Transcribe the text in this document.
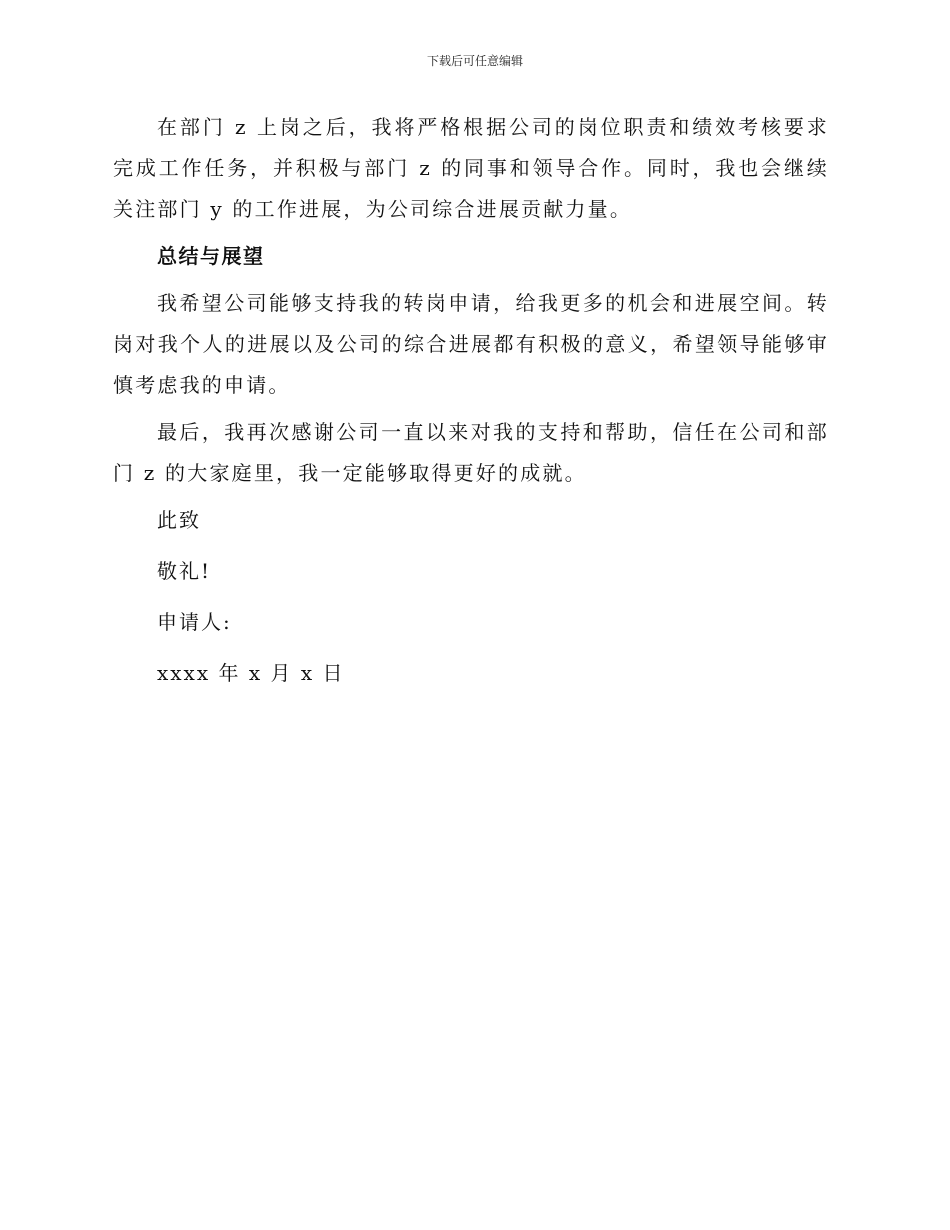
下载后可任意编辑

在部门 z 上岗之后，我将严格根据公司的岗位职责和绩效考核要求完成工作任务，并积极与部门 z 的同事和领导合作。同时，我也会继续关注部门 y 的工作进展，为公司综合进展贡献力量。

总结与展望

我希望公司能够支持我的转岗申请，给我更多的机会和进展空间。转岗对我个人的进展以及公司的综合进展都有积极的意义，希望领导能够审慎考虑我的申请。

最后，我再次感谢公司一直以来对我的支持和帮助，信任在公司和部门 z 的大家庭里，我一定能够取得更好的成就。

此致
敬礼!
申请人:
xxxx 年 x 月 x 日
